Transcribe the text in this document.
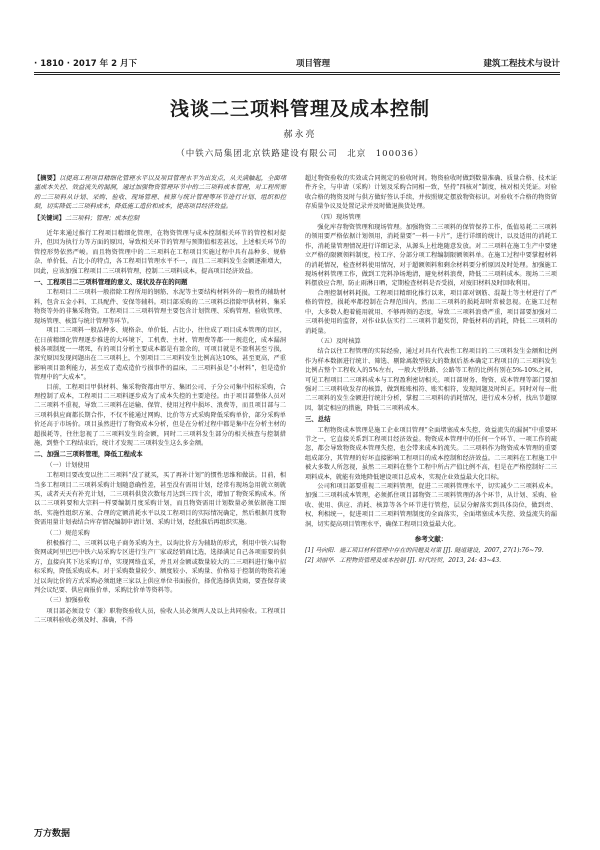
· 1810 · 2017 年 2 月下	项目管理	建筑工程技术与设计
浅谈二三项料管理及成本控制
郝永亮
（中铁六局集团北京铁路建设有限公司　北京　100036）

【摘要】以提高工程项目精细化管理水平以及项目管理水平为出发点，从关满触起，全面堵塞成本失控、效益流失的漏洞，通过加强物资管理环节中的二三项料成本管理，对工程所需的二三项料从计划、采购、验收、现场管理、核算与统计管理等环节进行计划、组织和控制，切实降低二三项料成本，降低施工造价和成本，提高项目经济效益。

【关键词】二三项料；管理；成本控制

近年来通过推行工程项目精细化管理，在物资管理与成本控制相关环节的管控相对提升，但因为执行力等方面的原因，导致相关环节的管理与预期值相差甚远，上述相关环节的管控形势依然严峻。而且物资管理中的二三项料在工程项目实施过程中具有品种多、规格杂、单价低、占比小的特点，各工程项目管理水平不一，而且二三项料发生金额逐渐增大，因此，应该加强工程项目二三项料管理，控制二三项料成本，提高项目经济效益。

一、工程项目二三项料管理的意义、现状及存在的问题

工程项目二三项料一般指除工程所用的钢筋、水泥等主要结构材料外的一般性的辅助材料，包含五金小料、工具配件、安保等辅料。项目部采购的二三项料泛指除甲供材料、集采物资等外的非集采物资。工程项目二三项料管理主要包含计划管理、采购管理、验收管理、现场管理、核算与统计管理等环节。

项目二三项料一般品种多、规格杂、单价低、占比小，往往成了项目成本管理的盲区，在日前精细化管理逐步推进的大环境下，工机费、主材、管理费等都一一规范化，成本漏洞被各项制度一一堵死，有的项目分析主要成本都是有盈余的，可项目就是不盈利甚至亏损，深究原因发现问题出在二三项料上，个别项目二三项料发生比例高达10%，甚至更高，严重影响项目盈利能力，甚至成了造成造价亏损事件的温床，二三项料虽是“小材料”，但是造价管理中的“大成本”。

目前，工程项目甲供材料、集采物资都由甲方、集团公司、子分公司集中招标采购，合理控制了成本，工程项目二三项料逐步成为了成本失控的主要途径。由于项目部整体人员对二三项料不重视，导致二三项料在运输、保管、使用过程中损坏、浪费等，而且项目部与二三项料供应商都长期合作，不仅不能通过网购、比价等方式采购降低采购单价，部分采购单价还高于市场价。项目虽然进行了物资成本分析，但是在分析过程中都是集中在分析主材的超损耗等，往往忽视了二三项料发生的金额，同时二三项料发生部分的相关核查与控制措施，到整个工程结束后，统计才发现二三项料发生这么多金额。

二、加强二三项料管理，降低工程成本
（一）计划使用

工程项目要改变以往二三项料“没了就买，买了再补计划”的惯性思维和做法。目前，相当多工程项目二三项料采购计划随意确性差，甚至没有需用计划，经常有现场急用就立刻就买，或者天天有补充计划，二三项料供货次数每月达到三四十次，增加了物资采购成本。所以二三项料要和大宗料一样要编制月度采购计划，而且物资需用计划数量必须依据施工图纸、实施性组织方案、合理的定额消耗水平以及工程项目的实际情况确定，然后根据月度物资需用量计划表结合库存情况编制申请计划、采购计划，经批准后再组织实施。

（二）规范采购

积极推行二、三项料以电子商务采购为主，以询比价方为辅助的形式，利用中铁六局物资网或阿里巴巴中铁六局采购专区进行生产厂家或经销商比选，选择满足自己各项需要的供方，直接向其下达采购订单，实现网络直采，并且对金额或数量较大的二三项料进行集中招标采购，降低采购成本。对于采购数量较少、额度较小、采购量、价格易于控制的物资若通过以询比价的方式采购必须组建三家以上供应单位书面报价，择优选择供货商，要查保存谈判会议纪要、供应商报价单，采购比价单等资料等。

（三）加强验收

项目部必须设专（兼）职物资验收人员，验收人员必须两人及以上共同验收。工程项目二三项料验收必须及时、准确，不得

超过物资验收的实效或合同规定的验收时间。物资验收时做到数量准确、质量合格、技术证件齐全，与申请（采购）计划及采购合同相一致，坚持“四核对”制度，核对相关凭证。对验收合格的物资及时与供方做好签认手续，并按照规定摆放物资标识。对验收不合格的物资留存质量争议及处置记录并及时做退换货处理。

（四）现场管理

强化库存物资管理和现场管理。加强物资二三项料的保管保养工作，低值易耗二三项料的领用要严格依据计划领用，消耗量要“一料一卡片”，进行详细的统计，以及适用的消耗工作，消耗量管理情况进行详细记录，从源头上杜绝随意发放。对二三项料在施工生产中要建立严格的限额领料制度，按工序、分部分项工程编制限额领料单。在施工过程中要掌握材料的消耗情况，检查材料使用情况，对于超额领料和剩余材料要分析原因及时处理。加强施工现场材料管理工作，做到工完料净场地清，避免材料浪费，降低二三项料成本。现场二三项料摆放应合理，防止雨淋日晒，定期检查材料是否受损，对废旧材料及时回收利用。

合理控制材料耗损。工程项目精细化推行以来，项目部对钢筋、混凝土等主材进行了严格的管控，损耗率都控制在合理范围内，然而二三项料的损耗却时常被忽视。在施工过程中，大多数人抱着能用就用、不够再领的态度，导致二三项料浪费严重，项目部要加强对二三项料使用的监督，对作业队伍实行二三项料节超奖罚，降低材料的消耗，降低二三项料的消耗量。

（五）及时核算

结合以往工程管理的实际经验，通过对具有代表性工程项目的二三项料发生金额和比例作为样本数据进行统计、筛选、剔除离散型较大的数据后基本确定工程项目的二三项料发生比例占整个工程收入的5%左右，一般大型铁路、公路等工程的比例有别在5%-10%之间，可见工程项目二三项料成本与工程盈利密切相关。项目部财务、物资、成本管理等部门要加强对二三项料收发存的核算，做到账账相符、账实相符，发现问题及时纠正。同时对每一批二三项料的发生金额进行统计分析，掌握二三项料的消耗情况，进行成本分析，找出节超原因，制定相应的措施，降低二三项料成本。

三、总结

工程物资成本管理是施工企业项目管理“全面堵塞成本失控、效益流失的漏洞”中重要环节之一，它直接关系到工程项目经济效益。物资成本管理中的任何一个环节、一项工作的疏忽，都会导致物资成本管理失控，也会带来成本的流失。二三项料作为物资成本管理的重要组成部分，其管理的好坏直接影响工程项目的成本控制和经济效益。二三项料在工程施工中被大多数人所忽视，虽然二三项料在整个工程中所占产值比例不高，但是在严格控制好二三项料成本，就能有效地降低建设项目总成本，实现企业效益最大化目标。

公司和项目部要重视二三项料管理，促进二三项料管理水平，切实减少二三项料成本。加强二三项料成本管理，必须抓住项目部物资二三项料管理的各个环节，从计划、采购、验收、使用、供应、消耗、核算等各个环节进行管控，层层分解落实到具体岗位，做到责、权、利相统一，促进项目二三项料管理制度的全面落实，全面堵塞成本失控、效益流失的漏洞，切实提高项目管理水平，确保工程项目效益最大化。

参考文献：

[1] 马向阳．施工项目材料管理中存在的问题及对策 [J]. 隧道建设，2007, 27(1):76~79.

[2] 刘丽华．工程物资管理及成本控制 [J]. 时代经贸，2013, 24: 43~43.

万方数据
